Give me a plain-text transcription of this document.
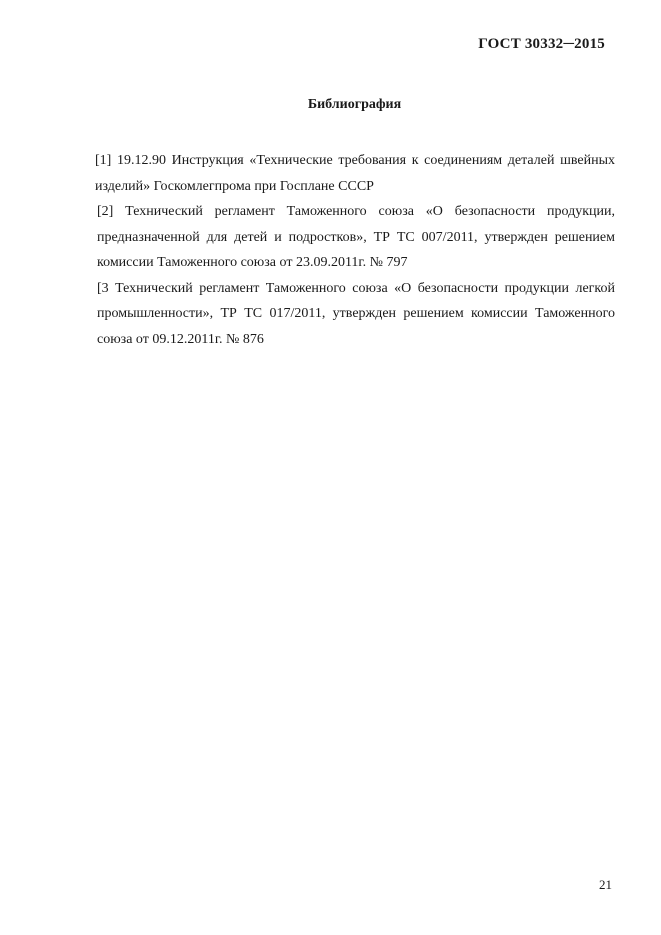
ГОСТ 30332─2015
Библиография

[1] 19.12.90 Инструкция «Технические требования к соединениям деталей швейных изделий» Госкомлегпрома при Госплане СССР

[2] Технический регламент Таможенного союза «О безопасности продукции, предназначенной для детей и подростков», ТР ТС 007/2011, утвержден решением комиссии Таможенного союза от 23.09.2011г. № 797

[3 Технический регламент Таможенного союза «О безопасности продукции легкой промышленности», ТР ТС 017/2011, утвержден решением комиссии Таможенного союза от 09.12.2011г. № 876

21
